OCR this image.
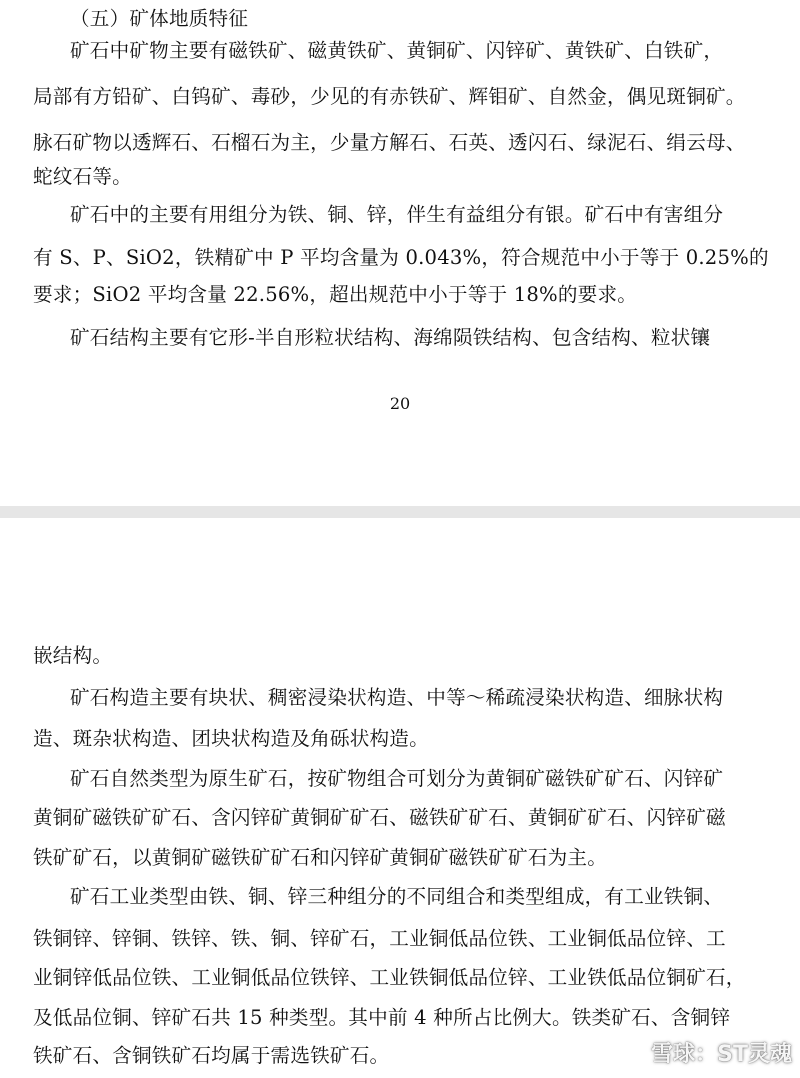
（五）矿体地质特征
矿石中矿物主要有磁铁矿、磁黄铁矿、黄铜矿、闪锌矿、黄铁矿、白铁矿，
局部有方铅矿、白钨矿、毒砂，少见的有赤铁矿、辉钼矿、自然金，偶见斑铜矿。
脉石矿物以透辉石、石榴石为主，少量方解石、石英、透闪石、绿泥石、绢云母、
蛇纹石等。
矿石中的主要有用组分为铁、铜、锌，伴生有益组分有银。矿石中有害组分
有 S、P、SiO2，铁精矿中 P 平均含量为 0.043%，符合规范中小于等于 0.25%的
要求；SiO2 平均含量 22.56%，超出规范中小于等于 18%的要求。
矿石结构主要有它形-半自形粒状结构、海绵陨铁结构、包含结构、粒状镶
20
嵌结构。
矿石构造主要有块状、稠密浸染状构造、中等～稀疏浸染状构造、细脉状构
造、斑杂状构造、团块状构造及角砾状构造。
矿石自然类型为原生矿石，按矿物组合可划分为黄铜矿磁铁矿矿石、闪锌矿
黄铜矿磁铁矿矿石、含闪锌矿黄铜矿矿石、磁铁矿矿石、黄铜矿矿石、闪锌矿磁
铁矿矿石，以黄铜矿磁铁矿矿石和闪锌矿黄铜矿磁铁矿矿石为主。
矿石工业类型由铁、铜、锌三种组分的不同组合和类型组成，有工业铁铜、
铁铜锌、锌铜、铁锌、铁、铜、锌矿石，工业铜低品位铁、工业铜低品位锌、工
业铜锌低品位铁、工业铜低品位铁锌、工业铁铜低品位锌、工业铁低品位铜矿石，
及低品位铜、锌矿石共 15 种类型。其中前 4 种所占比例大。铁类矿石、含铜锌
铁矿石、含铜铁矿石均属于需选铁矿石。	雪球：ST灵魂
